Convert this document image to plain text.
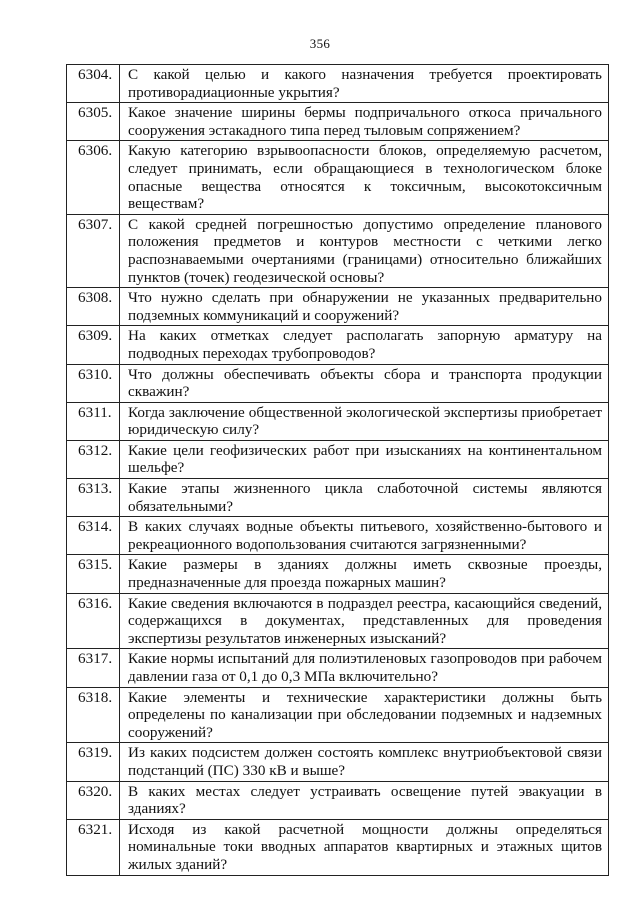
356
6304.	С какой целью и какого назначения требуется проектировать противорадиационные укрытия?
6305.	Какое значение ширины бермы подпричального откоса причального сооружения эстакадного типа перед тыловым сопряжением?
6306.	Какую категорию взрывоопасности блоков, определяемую расчетом, следует принимать, если обращающиеся в технологическом блоке опасные вещества относятся к токсичным, высокотоксичным веществам?
6307.	С какой средней погрешностью допустимо определение планового положения предметов и контуров местности с четкими легко распознаваемыми очертаниями (границами) относительно ближайших пунктов (точек) геодезической основы?
6308.	Что нужно сделать при обнаружении не указанных предварительно подземных коммуникаций и сооружений?
6309.	На каких отметках следует располагать запорную арматуру на подводных переходах трубопроводов?
6310.	Что должны обеспечивать объекты сбора и транспорта продукции скважин?
6311.	Когда заключение общественной экологической экспертизы приобретает юридическую силу?
6312.	Какие цели геофизических работ при изысканиях на континентальном шельфе?
6313.	Какие этапы жизненного цикла слаботочной системы являются обязательными?
6314.	В каких случаях водные объекты питьевого, хозяйственно-бытового и рекреационного водопользования считаются загрязненными?
6315.	Какие размеры в зданиях должны иметь сквозные проезды, предназначенные для проезда пожарных машин?
6316.	Какие сведения включаются в подраздел реестра, касающийся сведений, содержащихся в документах, представленных для проведения экспертизы результатов инженерных изысканий?
6317.	Какие нормы испытаний для полиэтиленовых газопроводов при рабочем давлении газа от 0,1 до 0,3 МПа включительно?
6318.	Какие элементы и технические характеристики должны быть определены по канализации при обследовании подземных и надземных сооружений?
6319.	Из каких подсистем должен состоять комплекс внутриобъектовой связи подстанций (ПС) 330 кВ и выше?
6320.	В каких местах следует устраивать освещение путей эвакуации в зданиях?
6321.	Исходя из какой расчетной мощности должны определяться номинальные токи вводных аппаратов квартирных и этажных щитов жилых зданий?
